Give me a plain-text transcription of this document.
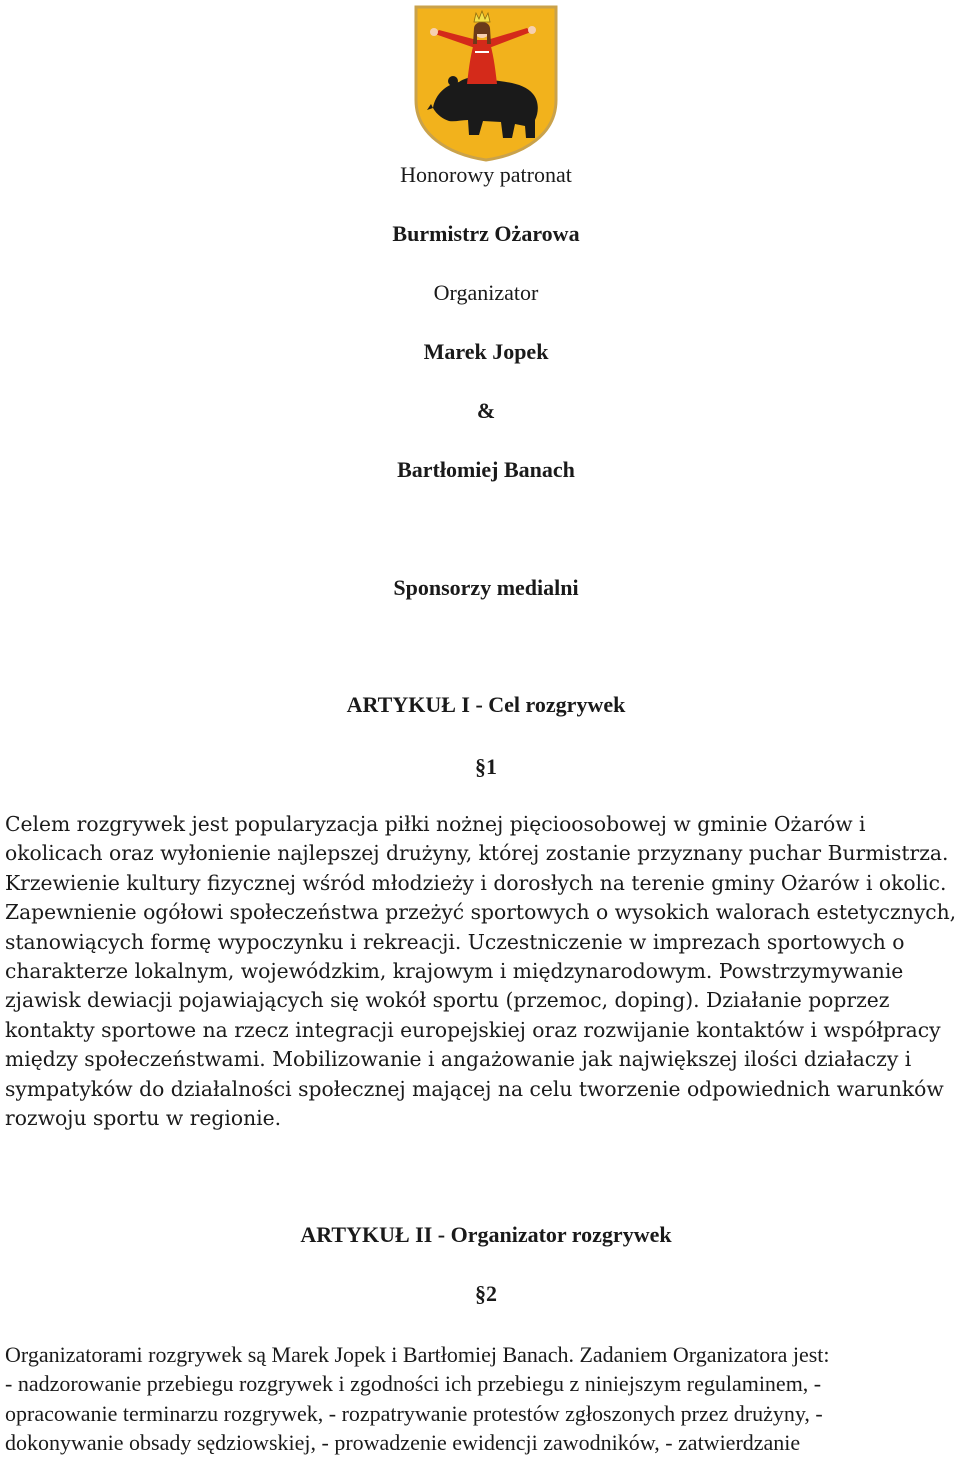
Honorowy patronat
Burmistrz Ożarowa
Organizator
Marek Jopek
&
Bartłomiej Banach
Sponsorzy medialni
ARTYKUŁ I - Cel rozgrywek
§1
Celem rozgrywek jest popularyzacja piłki nożnej pięcioosobowej w gminie Ożarów i
okolicach oraz wyłonienie najlepszej drużyny, której zostanie przyznany puchar Burmistrza.
Krzewienie kultury fizycznej wśród młodzieży i dorosłych na terenie gminy Ożarów i okolic.
Zapewnienie ogółowi społeczeństwa przeżyć sportowych o wysokich walorach estetycznych,
stanowiących formę wypoczynku i rekreacji. Uczestniczenie w imprezach sportowych o
charakterze lokalnym, wojewódzkim, krajowym i międzynarodowym. Powstrzymywanie
zjawisk dewiacji pojawiających się wokół sportu (przemoc, doping). Działanie poprzez
kontakty sportowe na rzecz integracji europejskiej oraz rozwijanie kontaktów i współpracy
między społeczeństwami. Mobilizowanie i angażowanie jak największej ilości działaczy i
sympatyków do działalności społecznej mającej na celu tworzenie odpowiednich warunków
rozwoju sportu w regionie.
ARTYKUŁ II - Organizator rozgrywek
§2
Organizatorami rozgrywek są Marek Jopek i Bartłomiej Banach. Zadaniem Organizatora jest:
- nadzorowanie przebiegu rozgrywek i zgodności ich przebiegu z niniejszym regulaminem, -
opracowanie terminarzu rozgrywek, - rozpatrywanie protestów zgłoszonych przez drużyny, -
dokonywanie obsady sędziowskiej, - prowadzenie ewidencji zawodników, - zatwierdzanie
